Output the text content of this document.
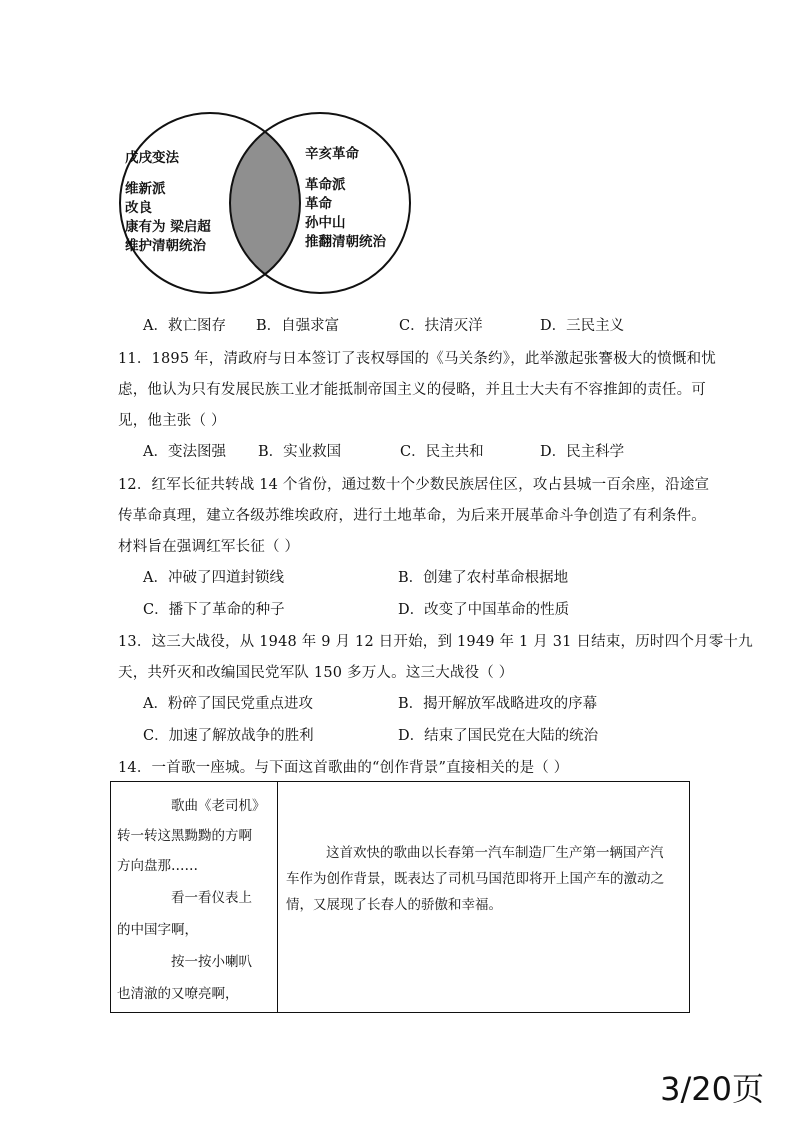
戊戌变法
维新派
改良
康有为 梁启超
维护清朝统治
辛亥革命
革命派
革命
孙中山
推翻清朝统治
A．救亡图存 B．自强求富	C．扶清灭洋	D．三民主义
11．1895 年，清政府与日本签订了丧权辱国的《马关条约》，此举激起张謇极大的愤慨和忧
虑，他认为只有发展民族工业才能抵制帝国主义的侵略，并且士大夫有不容推卸的责任。可
见，他主张（ ）
A．变法图强 B．实业救国	C．民主共和	D．民主科学
12．红军长征共转战 14 个省份，通过数十个少数民族居住区，攻占县城一百余座，沿途宣
传革命真理，建立各级苏维埃政府，进行土地革命，为后来开展革命斗争创造了有利条件。
材料旨在强调红军长征（ ）
A．冲破了四道封锁线	B．创建了农村革命根据地
C．播下了革命的种子	D．改变了中国革命的性质
13．这三大战役，从 1948 年 9 月 12 日开始，到 1949 年 1 月 31 日结束，历时四个月零十九
天，共歼灭和改编国民党军队 150 多万人。这三大战役（ ）
A．粉碎了国民党重点进攻	B．揭开解放军战略进攻的序幕
C．加速了解放战争的胜利	D．结束了国民党在大陆的统治
14．一首歌一座城。与下面这首歌曲的“创作背景”直接相关的是（ ）
歌曲《老司机》
转一转这黑黝黝的方啊
方向盘那……
看一看仪表上
的中国字啊，
按一按小喇叭
也清澈的又嘹亮啊，
这首欢快的歌曲以长春第一汽车制造厂生产第一辆国产汽
车作为创作背景，既表达了司机马国范即将开上国产车的激动之
情，又展现了长春人的骄傲和幸福。
3/20页
